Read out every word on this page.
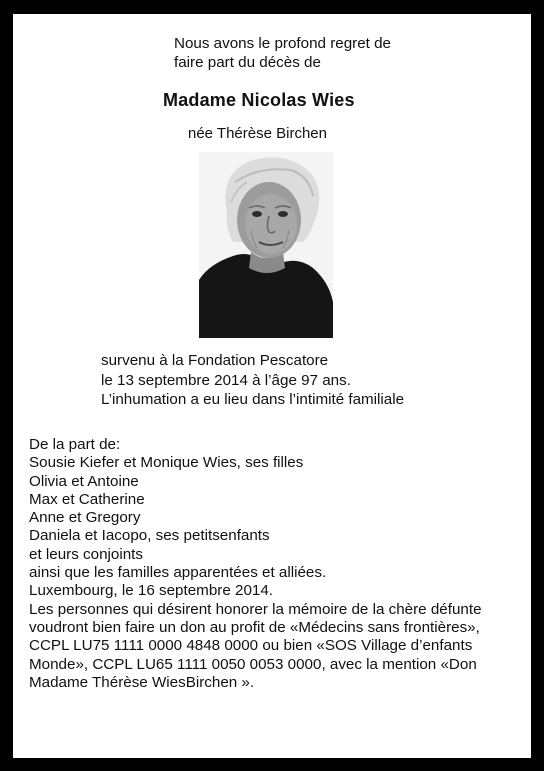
Nous avons le profond regret de
faire part du décès de

Madame Nicolas Wies

née Thérèse Birchen

survenu à la Fondation Pescatore
le 13 septembre 2014 à l’âge 97 ans.
L’inhumation a eu lieu dans l’intimité familiale
De la part de:
Sousie Kiefer et Monique Wies, ses filles
Olivia et Antoine
Max et Catherine
Anne et Gregory
Daniela et Iacopo, ses petitsenfants
et leurs conjoints
ainsi que les familles apparentées et alliées.
Luxembourg, le 16 septembre 2014.
Les personnes qui désirent honorer la mémoire de la chère défunte
voudront bien faire un don au profit de «Médecins sans frontières»,
CCPL LU75 1111 0000 4848 0000 ou bien «SOS Village d’enfants
Monde», CCPL LU65 1111 0050 0053 0000, avec la mention «Don
Madame Thérèse WiesBirchen ».
